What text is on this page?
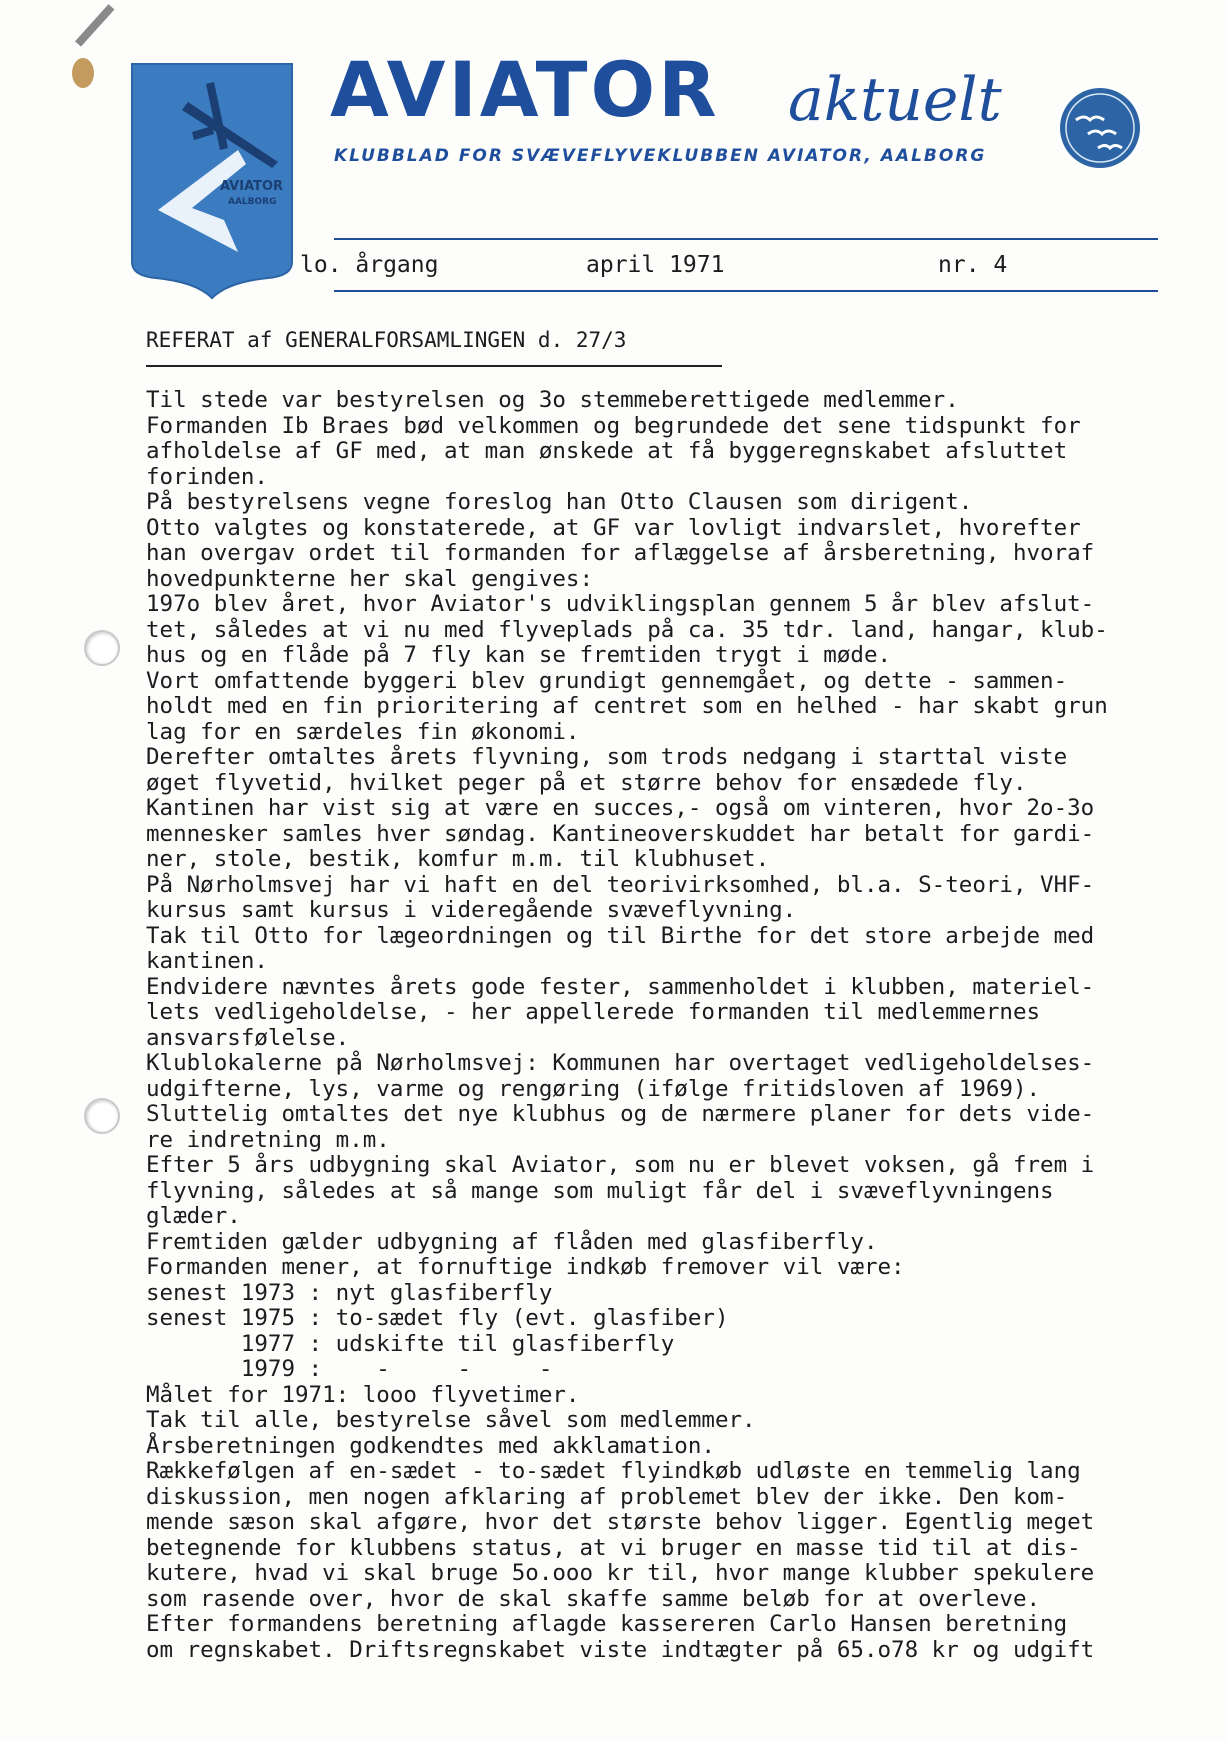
AVIATOR
AALBORG
AVIATOR aktuelt
KLUBBLAD FOR SVÆVEFLYVEKLUBBEN AVIATOR, AALBORG
lo. årgang	april 1971	nr. 4
REFERAT af GENERALFORSAMLINGEN d. 27/3
Til stede var bestyrelsen og 3o stemmeberettigede medlemmer.
Formanden Ib Braes bød velkommen og begrundede det sene tidspunkt for
afholdelse af GF med, at man ønskede at få byggeregnskabet afsluttet
forinden.
På bestyrelsens vegne foreslog han Otto Clausen som dirigent.
Otto valgtes og konstaterede, at GF var lovligt indvarslet, hvorefter
han overgav ordet til formanden for aflæggelse af årsberetning, hvoraf
hovedpunkterne her skal gengives:
197o blev året, hvor Aviator's udviklingsplan gennem 5 år blev afslut-
tet, således at vi nu med flyveplads på ca. 35 tdr. land, hangar, klub-
hus og en flåde på 7 fly kan se fremtiden trygt i møde.
Vort omfattende byggeri blev grundigt gennemgået, og dette - sammen-
holdt med en fin prioritering af centret som en helhed - har skabt grun
lag for en særdeles fin økonomi.
Derefter omtaltes årets flyvning, som trods nedgang i starttal viste
øget flyvetid, hvilket peger på et større behov for ensædede fly.
Kantinen har vist sig at være en succes,- også om vinteren, hvor 2o-3o
mennesker samles hver søndag. Kantineoverskuddet har betalt for gardi-
ner, stole, bestik, komfur m.m. til klubhuset.
På Nørholmsvej har vi haft en del teorivirksomhed, bl.a. S-teori, VHF-
kursus samt kursus i videregående svæveflyvning.
Tak til Otto for lægeordningen og til Birthe for det store arbejde med
kantinen.
Endvidere nævntes årets gode fester, sammenholdet i klubben, materiel-
lets vedligeholdelse, - her appellerede formanden til medlemmernes
ansvarsfølelse.
Klublokalerne på Nørholmsvej: Kommunen har overtaget vedligeholdelses-
udgifterne, lys, varme og rengøring (ifølge fritidsloven af 1969).
Sluttelig omtaltes det nye klubhus og de nærmere planer for dets vide-
re indretning m.m.
Efter 5 års udbygning skal Aviator, som nu er blevet voksen, gå frem i
flyvning, således at så mange som muligt får del i svæveflyvningens
glæder.
Fremtiden gælder udbygning af flåden med glasfiberfly.
Formanden mener, at fornuftige indkøb fremover vil være:
senest 1973 : nyt glasfiberfly
senest 1975 : to-sædet fly (evt. glasfiber)
1977 : udskifte til glasfiberfly
1979 :    -     -     -
Målet for 1971: looo flyvetimer.
Tak til alle, bestyrelse såvel som medlemmer.
Årsberetningen godkendtes med akklamation.
Rækkefølgen af en-sædet - to-sædet flyindkøb udløste en temmelig lang
diskussion, men nogen afklaring af problemet blev der ikke. Den kom-
mende sæson skal afgøre, hvor det største behov ligger. Egentlig meget
betegnende for klubbens status, at vi bruger en masse tid til at dis-
kutere, hvad vi skal bruge 5o.ooo kr til, hvor mange klubber spekulere
som rasende over, hvor de skal skaffe samme beløb for at overleve.
Efter formandens beretning aflagde kassereren Carlo Hansen beretning
om regnskabet. Driftsregnskabet viste indtægter på 65.o78 kr og udgift
